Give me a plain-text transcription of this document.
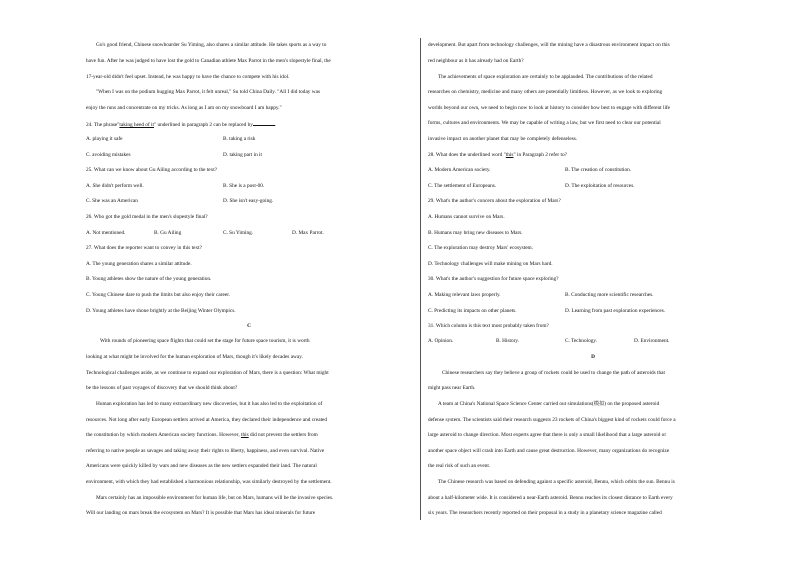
Gu's good friend, Chinese snowboarder Su Yiming, also shares a similar attitude. He takes sports as a way to
have fun. After he was judged to have lost the gold to Canadian athlete Max Parrot in the men's slopestyle final, the
17-year-old didn't feel upset. Instead, he was happy to have the chance to compete with his idol.
"When I was on the podium hugging Max Parrot, it felt unreal," Su told China Daily. "All I did today was
enjoy the runs and concentrate on my tricks. As long as I am on my snowboard I am happy."
24. The phrase"taking heed of it" underlined in paragraph 2 can be replaced by	.
A. playing it safe	B. taking a risk
C. avoiding mistakes	D. taking part in it
25. What can we know about Gu Ailing according to the text?
A. She didn't perform well.	B. She is a post-00.
C. She was an American	D. She isn't easy-going.
26. Who got the gold medal in the men's slopestyle final?
A. Not mentioned.	B. Gu Ailing	C. Su Yiming.	D. Max Parrot.
27. What does the reporter want to convey in this text?
A. The young generation shares a similar attitude.
B. Young athletes show the nature of the young generation.
C. Young Chinese dare to push the limits but also enjoy their career.
D. Young athletes have shone brightly at the Beijing Winter Olympics.
C
With rounds of pioneering space flights that could set the stage for future space tourism, it is worth
looking at what might be involved for the human exploration of Mars, though it's likely decades away.
Technological challenges aside, as we continue to expand our exploration of Mars, there is a question: What might
be the lessons of past voyages of discovery that we should think about?
Human exploration has led to many extraordinary new discoveries, but it has also led to the exploitation of
resources. Not long after early European settlers arrived at America, they declared their independence and created
the constitution by which modern American society functions. However, this did not prevent the settlers from
referring to native people as savages and taking away their rights to liberty, happiness, and even survival. Native
Americans were quickly killed by wars and new diseases as the new settlers expanded their land. The natural
environment, with which they had established a harmonious relationship, was similarly destroyed by the settlement.
Mars certainly has an impossible environment for human life, but on Mars, humans will be the invasive species.
Will our landing on mars break the ecosystem on Mars? It is possible that Mars has ideal minerals for future
development. But apart from technology challenges, will the mining have a disastrous environment impact on this
red neighbour as it has already had on Earth?
The achievements of space exploration are certainly to be applauded. The contributions of the related
researches on chemistry, medicine and many others are potentially limitless. However, as we look to exploring
worlds beyond our own, we need to begin now to look at history to consider how best to engage with different life
forms, cultures and environments. We may be capable of writing a law, but we first need to clear our potential
invasive impact on another planet that may be completely defenseless.
28. What does the underlined word "this" in Paragraph 2 refer to?
A. Modern American society.	B. The creation of constitution.
C. The settlement of Europeans.	D. The exploitation of resources.
29. What's the author's concern about the exploration of Mars?
A. Humans cannot survive on Mars.
B. Humans may bring new diseases to Mars.
C. The exploration may destroy Mars' ecosystem.
D. Technology challenges will make mining on Mars hard.
30. What's the author's suggestion for future space exploring?
A. Making relevant laws properly.	B. Conducting more scientific researches.
C. Predicting its impacts on other planets.	D. Learning from past exploration experiences.
31. Which column is this text most probably taken from?
A. Opinion.	B. History.	C. Technology.	D. Environment.
D
Chinese researchers say they believe a group of rockets could be used to change the path of asteroids that
might pass near Earth.
A team at China's National Space Science Center carried out simulations(模拟) on the proposed asteroid
defense system. The scientists said their research suggests 23 rockets of China's biggest kind of rockets could force a
large asteroid to change direction. Most experts agree that there is only a small likelihood that a large asteroid or
another space object will crash into Earth and cause great destruction. However, many organizations do recognize
the real risk of such an event.
The Chinese research was based on defending against a specific asteroid, Bennu, which orbits the sun. Bennu is
about a half-kilometer wide. It is considered a near-Earth asteroid. Bennu reaches its closest distance to Earth every
six years. The researchers recently reported on their proposal in a study in a planetary science magazine called
